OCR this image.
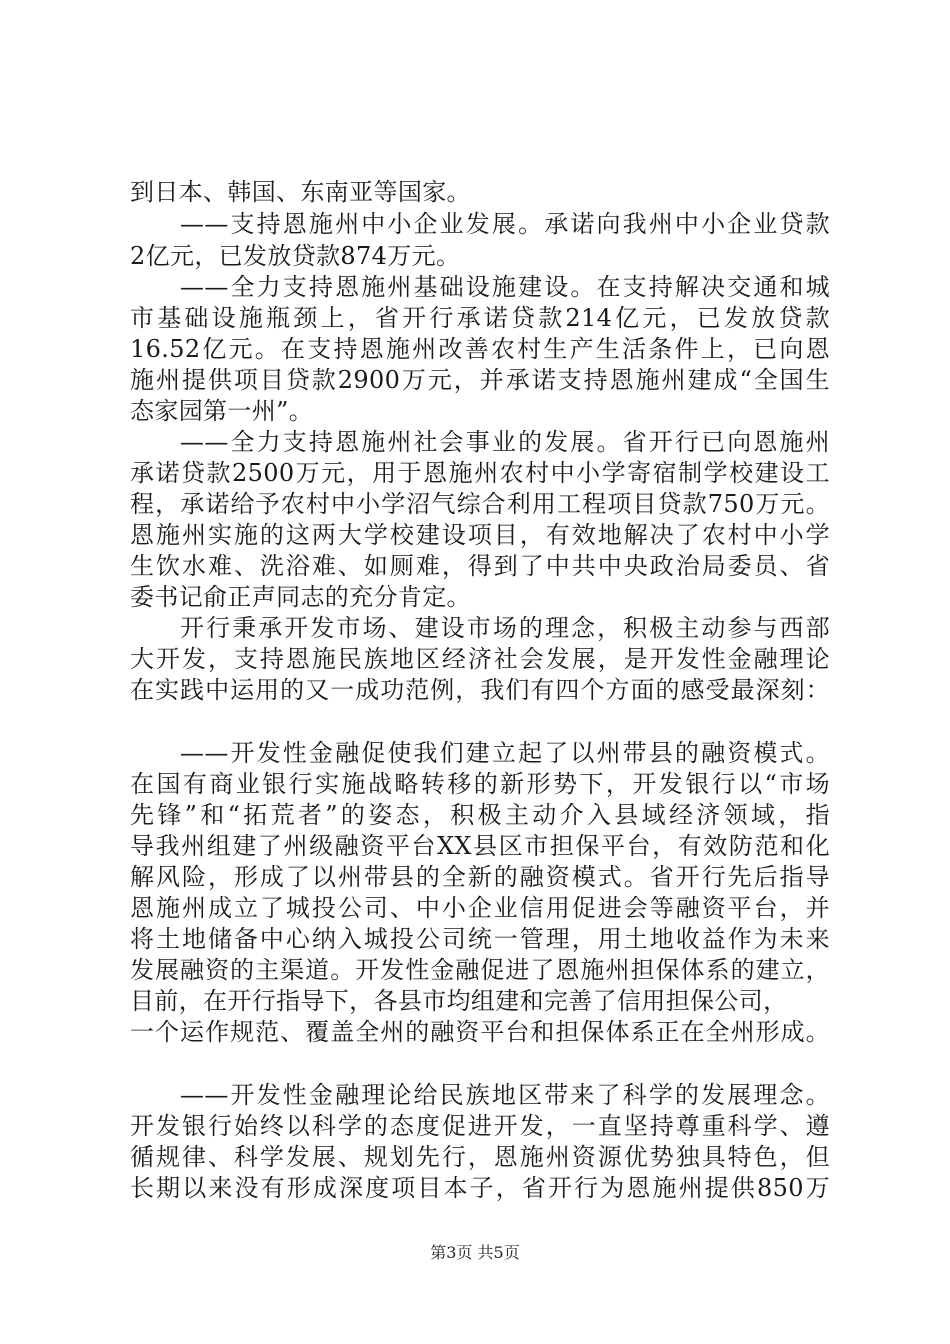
到日本、韩国、东南亚等国家。
——支持恩施州中小企业发展。承诺向我州中小企业贷款
2亿元，已发放贷款874万元。
——全力支持恩施州基础设施建设。在支持解决交通和城
市基础设施瓶颈上，省开行承诺贷款214亿元，已发放贷款
16.52亿元。在支持恩施州改善农村生产生活条件上，已向恩
施州提供项目贷款2900万元，并承诺支持恩施州建成“全国生
态家园第一州”。
——全力支持恩施州社会事业的发展。省开行已向恩施州
承诺贷款2500万元，用于恩施州农村中小学寄宿制学校建设工
程，承诺给予农村中小学沼气综合利用工程项目贷款750万元。
恩施州实施的这两大学校建设项目，有效地解决了农村中小学
生饮水难、洗浴难、如厕难，得到了中共中央政治局委员、省
委书记俞正声同志的充分肯定。
开行秉承开发市场、建设市场的理念，积极主动参与西部
大开发，支持恩施民族地区经济社会发展，是开发性金融理论
在实践中运用的又一成功范例，我们有四个方面的感受最深刻：
——开发性金融促使我们建立起了以州带县的融资模式。
在国有商业银行实施战略转移的新形势下，开发银行以“市场
先锋”和“拓荒者”的姿态，积极主动介入县域经济领域，指
导我州组建了州级融资平台XX县区市担保平台，有效防范和化
解风险，形成了以州带县的全新的融资模式。省开行先后指导
恩施州成立了城投公司、中小企业信用促进会等融资平台，并
将土地储备中心纳入城投公司统一管理，用土地收益作为未来
发展融资的主渠道。开发性金融促进了恩施州担保体系的建立，
目前，在开行指导下，各县市均组建和完善了信用担保公司，
一个运作规范、覆盖全州的融资平台和担保体系正在全州形成。
——开发性金融理论给民族地区带来了科学的发展理念。
开发银行始终以科学的态度促进开发，一直坚持尊重科学、遵
循规律、科学发展、规划先行，恩施州资源优势独具特色，但
长期以来没有形成深度项目本子，省开行为恩施州提供850万
第3页 共5页
